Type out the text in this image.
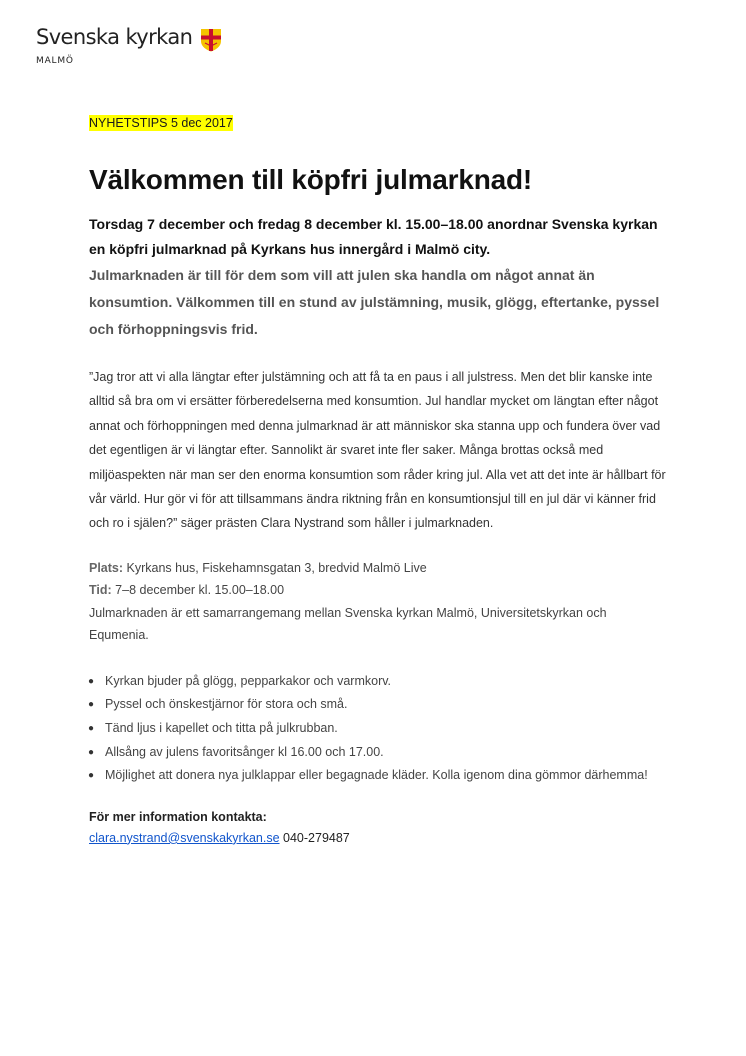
Svenska kyrkan
MALMÖ
NYHETSTIPS 5 dec 2017
Välkommen till köpfri julmarknad!

Torsdag 7 december och fredag 8 december kl. 15.00–18.00 anordnar Svenska kyrkan en köpfri julmarknad på Kyrkans hus innergård i Malmö city.

Julmarknaden är till för dem som vill att julen ska handla om något annat än konsumtion. Välkommen till en stund av julstämning, musik, glögg, eftertanke, pyssel och förhoppningsvis frid.

”Jag tror att vi alla längtar efter julstämning och att få ta en paus i all julstress. Men det blir kanske inte alltid så bra om vi ersätter förberedelserna med konsumtion. Jul handlar mycket om längtan efter något annat och förhoppningen med denna julmarknad är att människor ska stanna upp och fundera över vad det egentligen är vi längtar efter. Sannolikt är svaret inte fler saker. Många brottas också med miljöaspekten när man ser den enorma konsumtion som råder kring jul. Alla vet att det inte är hållbart för vår värld. Hur gör vi för att tillsammans ändra riktning från en konsumtionsjul till en jul där vi känner frid och ro i själen?” säger prästen Clara Nystrand som håller i julmarknaden.

Plats: Kyrkans hus, Fiskehamnsgatan 3, bredvid Malmö Live
Tid: 7–8 december kl. 15.00–18.00
Julmarknaden är ett samarrangemang mellan Svenska kyrkan Malmö, Universitetskyrkan och Equmenia.
● Kyrkan bjuder på glögg, pepparkakor och varmkorv.
● Pyssel och önskestjärnor för stora och små.
● Tänd ljus i kapellet och titta på julkrubban.
● Allsång av julens favoritsånger kl 16.00 och 17.00.
● Möjlighet att donera nya julklappar eller begagnade kläder. Kolla igenom dina gömmor därhemma!

För mer information kontakta:

clara.nystrand@svenskakyrkan.se 040-279487
